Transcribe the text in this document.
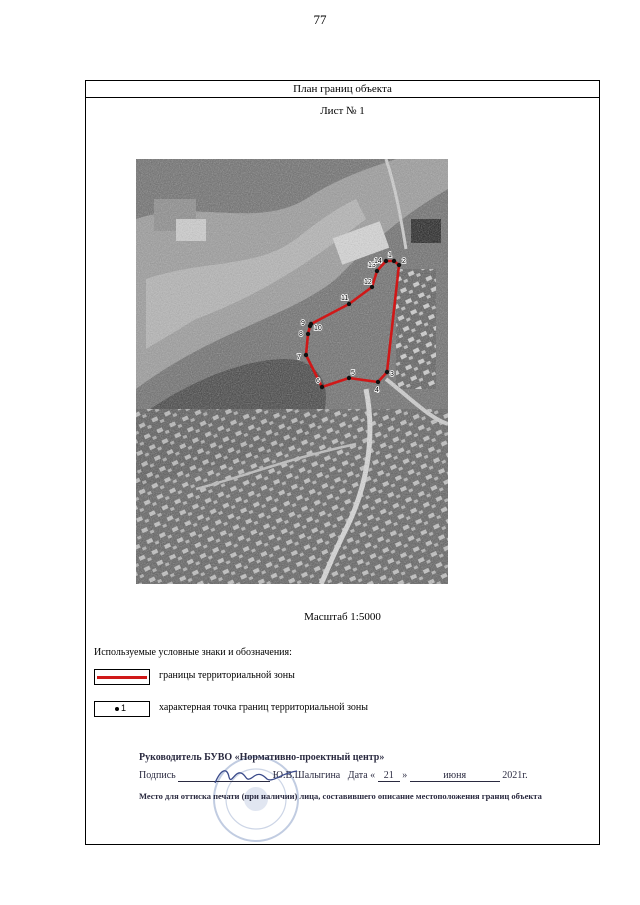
77
План границ объекта
Лист № 1
1
2
3
4
5
6
7
8
9
10
11
12
13
14
Масштаб 1:5000
Используемые условные знаки и обозначения:
границы территориальной зоны
1	характерная точка границ территориальной зоны
Руководитель БУВО «Нормативно-проектный центр»
Подпись	Ю.В.Шалыгина Дата « 21 »	июня	2021г.
Место для оттиска печати (при наличии) лица, составившего описание местоположения границ объекта
